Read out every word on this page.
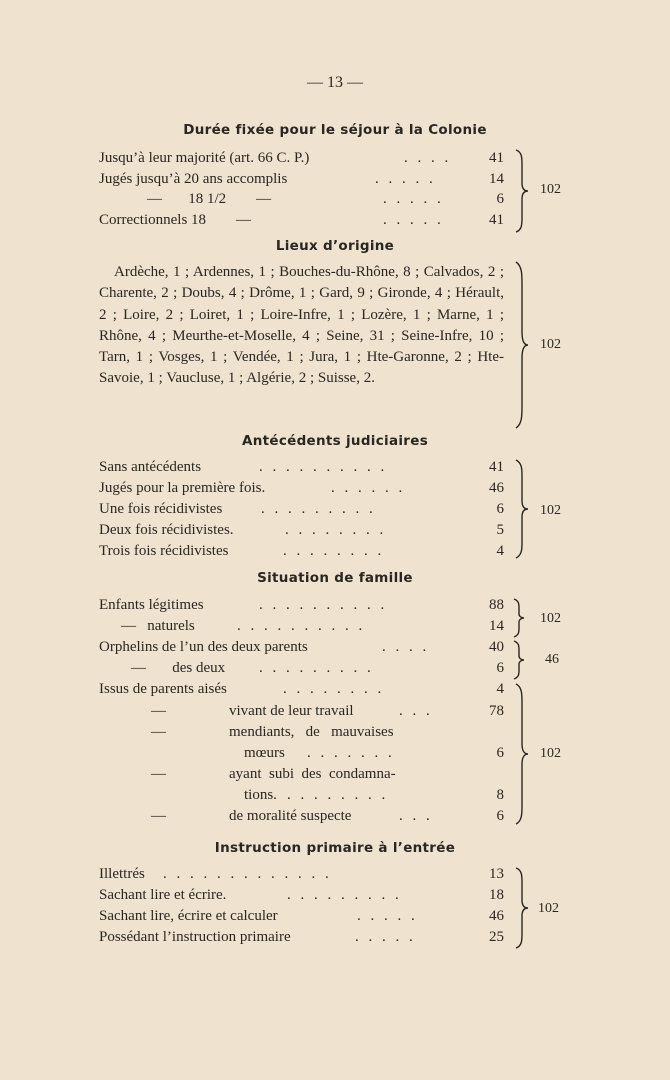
— 13 —
Durée fixée pour le séjour à la Colonie
Jusqu’à leur majorité (art. 66 C. P.)	. . . .	41
Jugés jusqu’à 20 ans accomplis	. . . . .	14
—       18 1/2        —	. . . . .	6
Correctionnels 18        —	. . . . .	41
102
Lieux d’origine

Ardèche, 1 ; Ardennes, 1 ; Bouches-du-Rhône, 8 ; Calvados, 2 ; Charente, 2 ; Doubs, 4 ; Drôme, 1 ; Gard, 9 ; Gironde, 4 ; Hérault, 2 ; Loire, 2 ; Loiret, 1 ; Loire-Infre, 1 ; Lozère, 1 ; Marne, 1 ; Rhône, 4 ; Meurthe-et-Moselle, 4 ; Seine, 31 ; Seine-Infre, 10 ; Tarn, 1 ; Vosges, 1 ; Vendée, 1 ; Jura, 1 ; Hte-Garonne, 2 ; Hte-Savoie, 1 ; Vaucluse, 1 ; Algérie, 2 ; Suisse, 2.

102
Antécédents judiciaires
Sans antécédents	. . . . . . . . . .	41
Jugés pour la première fois.	. . . . . .	46
Une fois récidivistes	. . . . . . . . .	6
Deux fois récidivistes.	. . . . . . . .	5
Trois fois récidivistes	. . . . . . . .	4
102
Situation de famille
Enfants légitimes	. . . . . . . . . .	88
—   naturels	. . . . . . . . . .	14
Orphelins de l’un des deux parents	. . . .	40
—       des deux . . . . . . . . .	6
Issus de parents aisés	. . . . . . . .	4
—	vivant de leur travail	. . .	78
—	mendiants,   de   mauvaises
mœurs . . . . . . .	6
—	ayant  subi  des  condamna-
tions. . . . . . . . .	8
—	de moralité suspecte	. . .	6
102
46
102
Instruction primaire à l’entrée
Illettrés . . . . . . . . . . . . .	13
Sachant lire et écrire.	. . . . . . . . .	18
Sachant lire, écrire et calculer	. . . . .	46
Possédant l’instruction primaire	. . . . .	25
102
